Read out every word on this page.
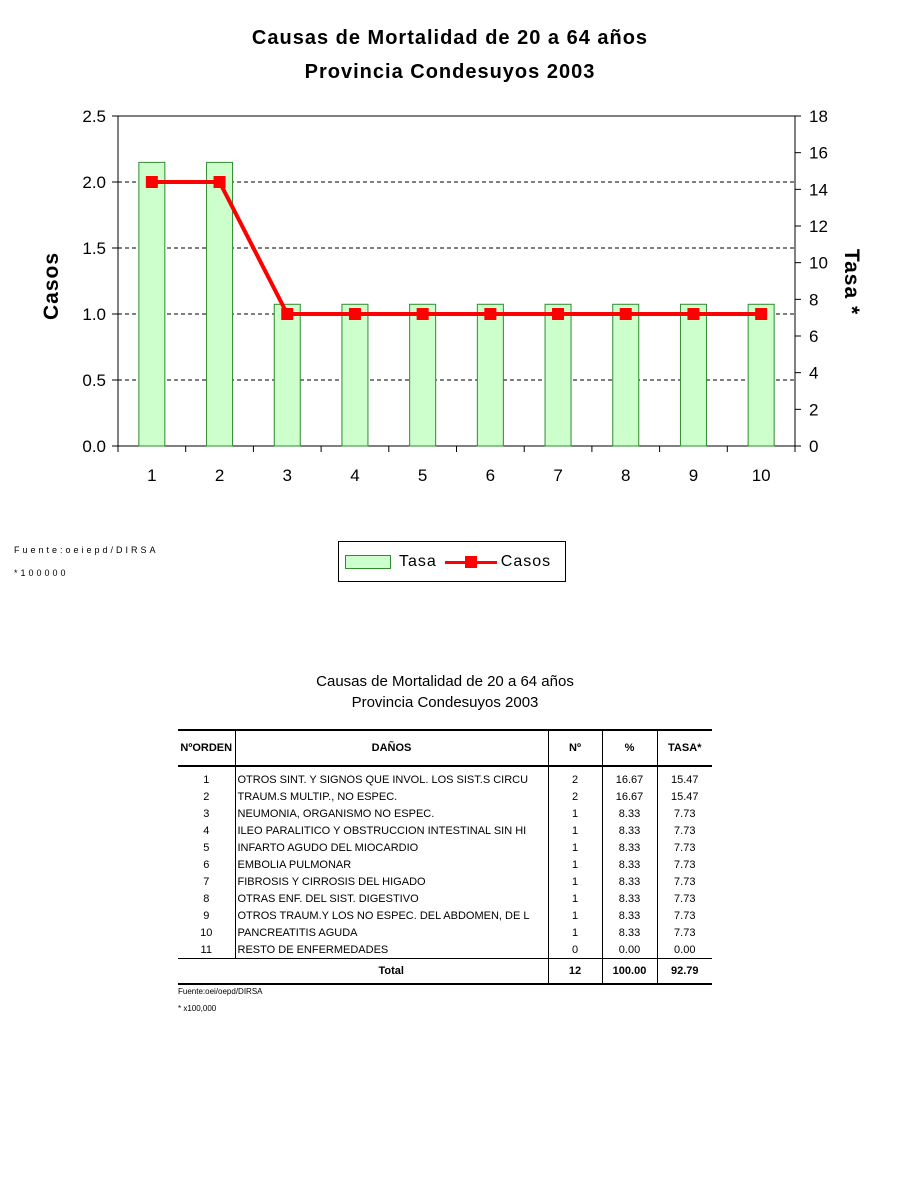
Causas de Mortalidad de 20 a 64 años
Provincia Condesuyos 2003
0.0
0.5
1.0
1.5
2.0
2.5
0
2
4
6
8
10
12
14
16
18
1	2	3	4	5	6	7	8	9	10
Casos	Tasa *
Fuente:oeiepd/DIRSA
*100000
Tasa	Casos
Causas de Mortalidad de 20 a 64 años
Provincia Condesuyos 2003
NºORDEN	DAÑOS	Nº	%	TASA*

1	OTROS SINT. Y SIGNOS QUE INVOL. LOS SIST.S CIRCU	2	16.67	15.47
2	TRAUM.S MULTIP., NO ESPEC.	2	16.67	15.47
3	NEUMONIA, ORGANISMO NO ESPEC.	1	8.33	7.73
4	ILEO PARALITICO Y OBSTRUCCION INTESTINAL SIN HI	1	8.33	7.73
5	INFARTO AGUDO DEL MIOCARDIO	1	8.33	7.73
6	EMBOLIA PULMONAR	1	8.33	7.73
7	FIBROSIS Y CIRROSIS DEL HIGADO	1	8.33	7.73
8	OTRAS ENF. DEL SIST. DIGESTIVO	1	8.33	7.73
9	OTROS TRAUM.Y LOS NO ESPEC. DEL ABDOMEN, DE L	1	8.33	7.73
10	PANCREATITIS AGUDA	1	8.33	7.73
11	RESTO DE ENFERMEDADES	0	0.00	0.00
	Total	12	100.00	92.79
Fuente:oei/oepd/DIRSA
* x100,000
